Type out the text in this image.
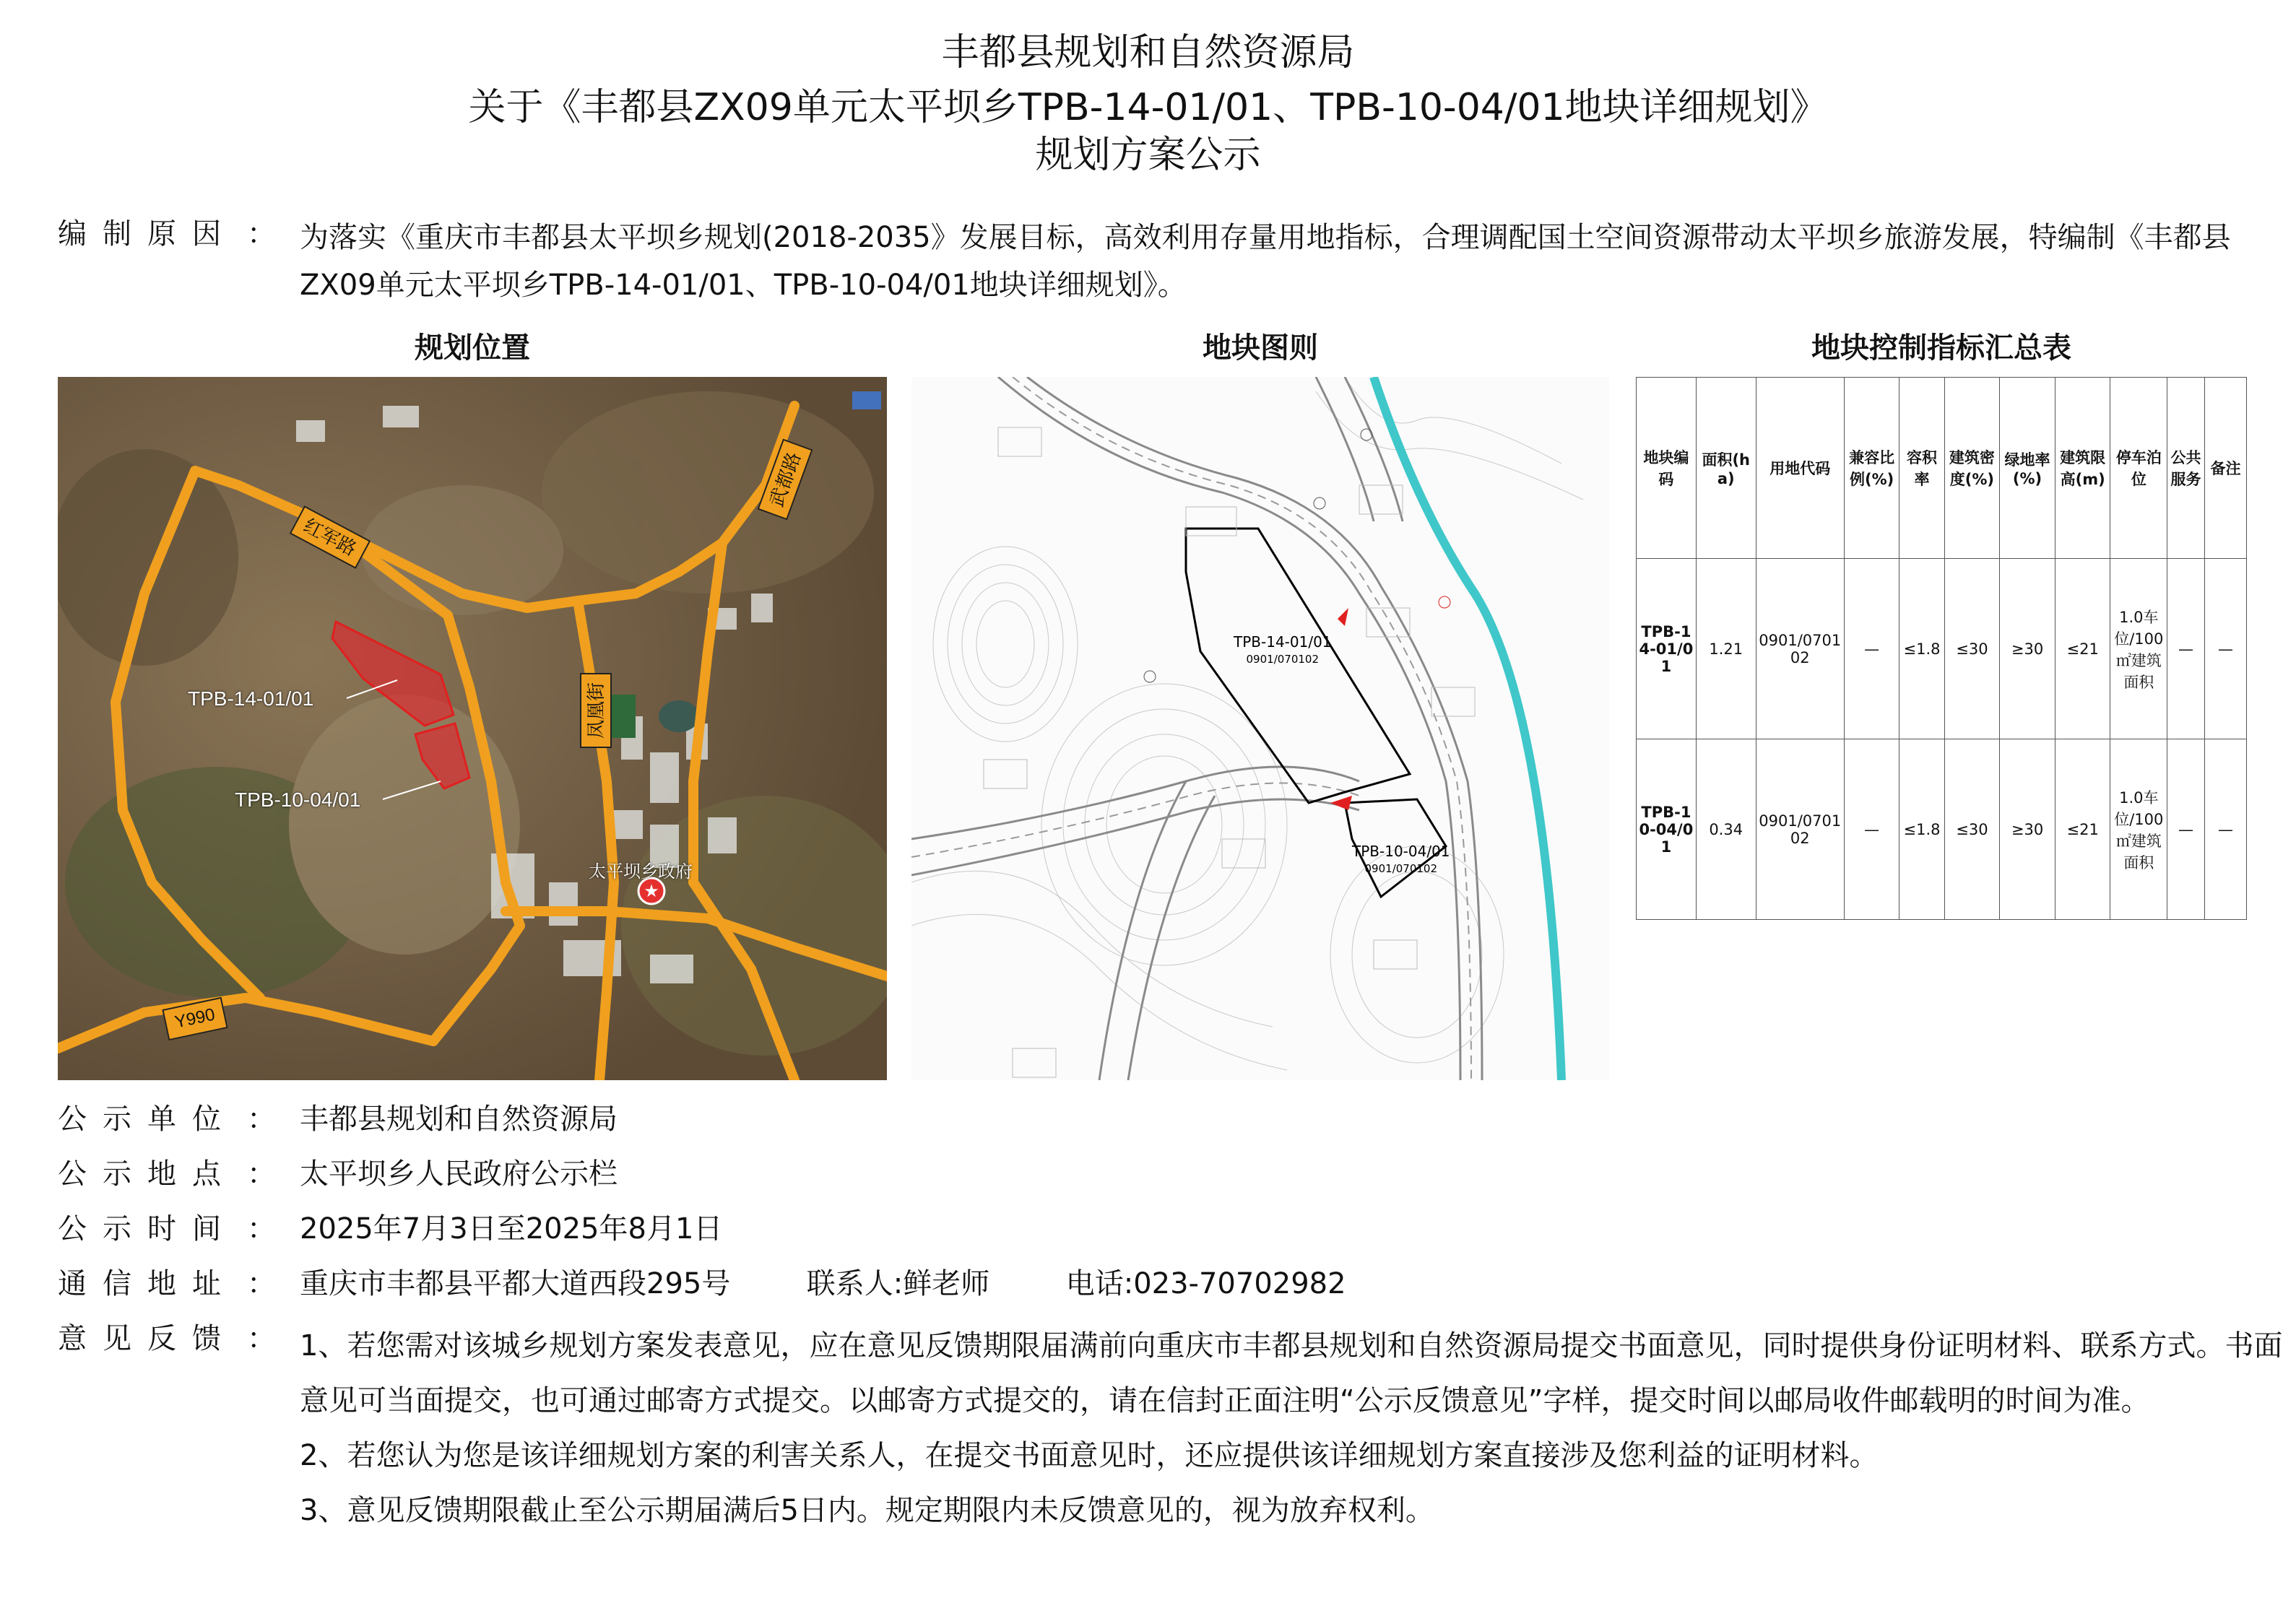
丰都县规划和自然资源局
关于《丰都县ZX09单元太平坝乡TPB-14-01/01、TPB-10-04/01地块详细规划》
规划方案公示
编制原因 ： 为落实《重庆市丰都县太平坝乡规划(2018-2035》发展目标，高效利用存量用地指标，合理调配国土空间资源带动太平坝乡旅游发展，特编制《丰都县ZX09单元太平坝乡TPB-14-01/01、TPB-10-04/01地块详细规划》。
规划位置	地块图则	地块控制指标汇总表
★
红军路
武都路
凤凰街
Y990
TPB-14-01/01
TPB-10-04/01
太平坝乡政府
TPB-14-01/01
0901/070102
TPB-10-04/01
0901/070102
地块编码	面积(ha)	用地代码	兼容比例(%)	容积率	建筑密度(%)	绿地率(%)	建筑限高(m)	停车泊位	公共服务	备注
TPB-14-01/01	1.21	0901/070102	—	≤1.8	≤30	≥30	≤21	1.0车位/100㎡建筑面积	—	—
TPB-10-04/01	0.34	0901/070102	—	≤1.8	≤30	≥30	≤21	1.0车位/100㎡建筑面积	—	—
公示单位 ： 丰都县规划和自然资源局
公示地点 ： 太平坝乡人民政府公示栏
公示时间 ： 2025年7月3日至2025年8月1日
通信地址 ： 重庆市丰都县平都大道西段295号	联系人:鲜老师	电话:023-70702982
意见反馈 ： 1、若您需对该城乡规划方案发表意见，应在意见反馈期限届满前向重庆市丰都县规划和自然资源局提交书面意见，同时提供身份证明材料、联系方式。书面意见可当面提交，也可通过邮寄方式提交。以邮寄方式提交的，请在信封正面注明“公示反馈意见”字样，提交时间以邮局收件邮载明的时间为准。
2、若您认为您是该详细规划方案的利害关系人，在提交书面意见时，还应提供该详细规划方案直接涉及您利益的证明材料。
3、意见反馈期限截止至公示期届满后5日内。规定期限内未反馈意见的，视为放弃权利。
